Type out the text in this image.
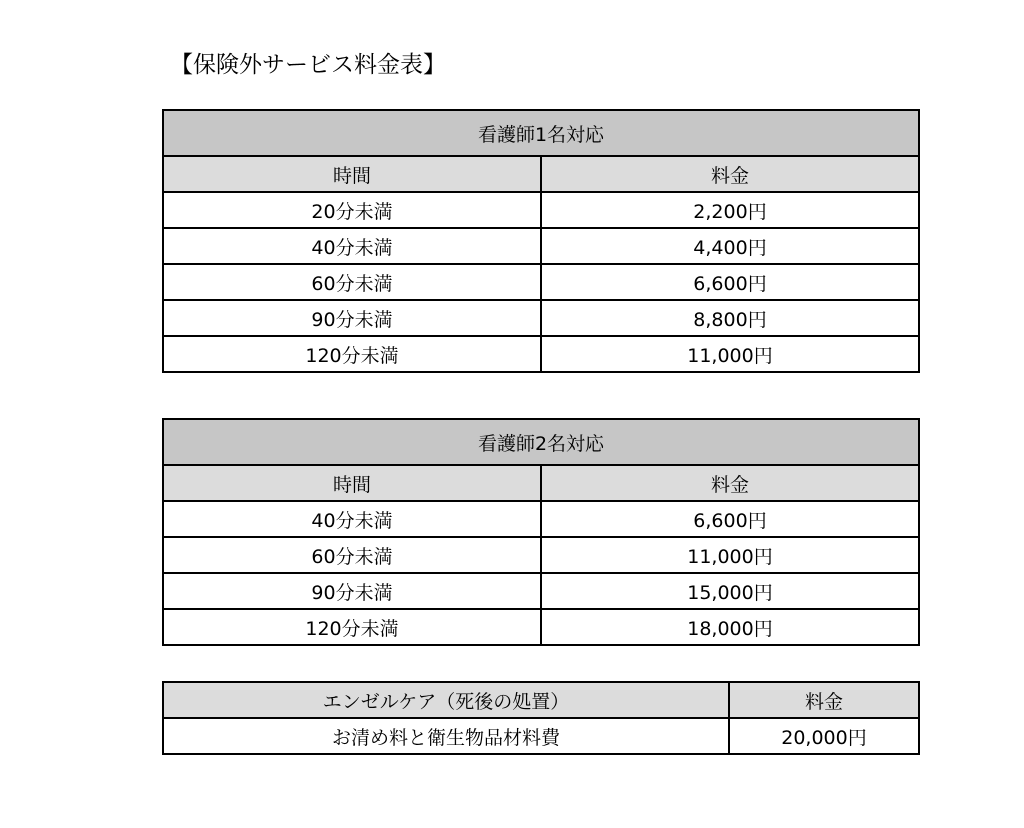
【保険外サービス料金表】
看護師1名対応	
時間	料金
20分未満	2,200円
40分未満	4,400円
60分未満	6,600円
90分未満	8,800円
120分未満	11,000円
看護師2名対応	
時間	料金
40分未満	6,600円
60分未満	11,000円
90分未満	15,000円
120分未満	18,000円
エンゼルケア（死後の処置）	料金
お清め料と衛生物品材料費	20,000円
